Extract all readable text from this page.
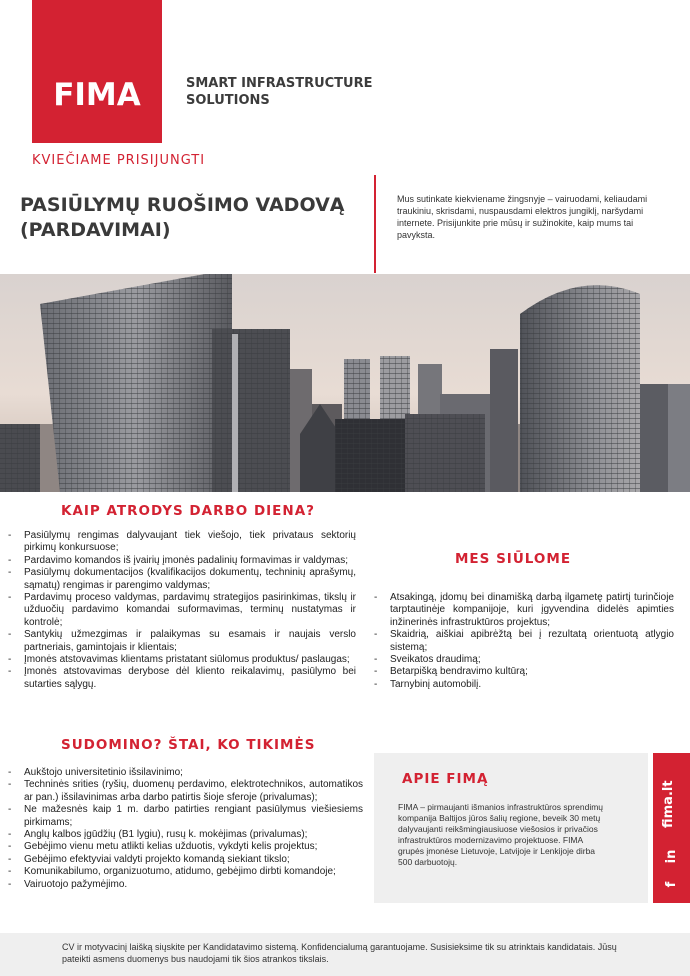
FIMA	SMART INFRASTRUCTURE SOLUTIONS
KVIEČIAME PRISIJUNGTI
PASIŪLYMŲ RUOŠIMO VADOVĄ (PARDAVIMAI)
Mus sutinkate kiekviename žingsnyje – vairuodami, keliaudami traukiniu, skrisdami, nuspausdami elektros jungiklį, naršydami internete. Prisijunkite prie mūsų ir sužinokite, kaip mums tai pavyksta.
KAIP ATRODYS DARBO DIENA?
- Pasiūlymų rengimas dalyvaujant tiek viešojo, tiek privataus sektorių pirkimų konkursuose;
- Pardavimo komandos iš įvairių įmonės padalinių formavimas ir valdymas;
- Pasiūlymų dokumentacijos (kvalifikacijos dokumentų, techninių aprašymų, sąmatų) rengimas ir parengimo valdymas;
- Pardavimų proceso valdymas, pardavimų strategijos pasirinkimas, tikslų ir užduočių pardavimo komandai suformavimas, terminų nustatymas ir kontrolė;
- Santykių užmezgimas ir palaikymas su esamais ir naujais verslo partneriais, gamintojais ir klientais;
- Įmonės atstovavimas klientams pristatant siūlomus produktus/ paslaugas;
- Įmonės atstovavimas derybose dėl kliento reikalavimų, pasiūlymo bei sutarties sąlygų.
MES SIŪLOME
- Atsakingą, įdomų bei dinamišką darbą ilgametę patirtį turinčioje tarptautinėje kompanijoje, kuri įgyvendina didelės apimties inžinerinės infrastruktūros projektus;
- Skaidrią, aiškiai apibrėžtą bei į rezultatą orientuotą atlygio sistemą;
- Sveikatos draudimą;
- Betarpišką bendravimo kultūrą;
- Tarnybinį automobilį.
SUDOMINO? ŠTAI, KO TIKIMĖS
- Aukštojo universitetinio išsilavinimo;
- Techninės srities (ryšių, duomenų perdavimo, elektrotechnikos, automatikos ar pan.) išsilavinimas arba darbo patirtis šioje sferoje (privalumas);
- Ne mažesnės kaip 1 m. darbo patirties rengiant pasiūlymus viešiesiems pirkimams;
- Anglų kalbos įgūdžių (B1 lygiu), rusų k. mokėjimas (privalumas);
- Gebėjimo vienu metu atlikti kelias užduotis, vykdyti kelis projektus;
- Gebėjimo efektyviai valdyti projekto komandą siekiant tikslo;
- Komunikabilumo, organizuotumo, atidumo, gebėjimo dirbti komandoje;
- Vairuotojo pažymėjimo.
APIE FIMĄ
FIMA – pirmaujanti išmanios infrastruktūros sprendimų kompanija Baltijos jūros šalių regione, beveik 30 metų dalyvaujanti reikšmingiausiuose viešosios ir privačios infrastruktūros modernizavimo projektuose. FIMA grupės įmonėse Lietuvoje, Latvijoje ir Lenkijoje dirba 500 darbuotojų.
fima.lt
in
f
CV ir motyvacinį laišką siųskite per Kandidatavimo sistemą. Konfidencialumą garantuojame. Susisieksime tik su atrinktais kandidatais. Jūsų pateikti asmens duomenys bus naudojami tik šios atrankos tikslais.
